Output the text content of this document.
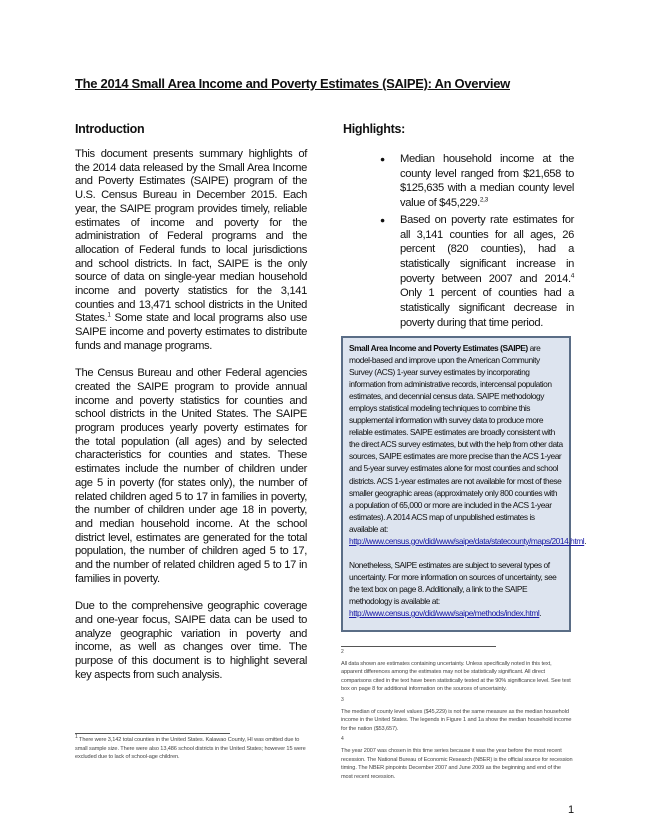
The 2014 Small Area Income and Poverty Estimates (SAIPE): An Overview
Introduction	Highlights:

This document presents summary highlights of the 2014 data released by the Small Area Income and Poverty Estimates (SAIPE) program of the U.S. Census Bureau in December 2015. Each year, the SAIPE program provides timely, reliable estimates of income and poverty for the administration of Federal programs and the allocation of Federal funds to local jurisdictions and school districts. In fact, SAIPE is the only source of data on single-year median household income and poverty statistics for the 3,141 counties and 13,471 school districts in the United States.$^1$ Some state and local programs also use SAIPE income and poverty estimates to distribute funds and manage programs.

The Census Bureau and other Federal agencies created the SAIPE program to provide annual income and poverty statistics for counties and school districts in the United States. The SAIPE program produces yearly poverty estimates for the total population (all ages) and by selected characteristics for counties and states. These estimates include the number of children under age 5 in poverty (for states only), the number of related children aged 5 to 17 in families in poverty, the number of children under age 18 in poverty, and median household income. At the school district level, estimates are generated for the total population, the number of children aged 5 to 17, and the number of related children aged 5 to 17 in families in poverty.

Due to the comprehensive geographic coverage and one-year focus, SAIPE data can be used to analyze geographic variation in poverty and income, as well as changes over time. The purpose of this document is to highlight several key aspects from such analysis.

● Median household income at the county level ranged from $21,658 to $125,635 with a median county level value of $45,229.$^{2,3}$
● Based on poverty rate estimates for all 3,141 counties for all ages, 26 percent (820 counties), had a statistically significant increase in poverty between 2007 and 2014.$^4$ Only 1 percent of counties had a statistically significant decrease in poverty during that time period.

Small Area Income and Poverty Estimates (SAIPE) are model-based and improve upon the American Community Survey (ACS) 1-year survey estimates by incorporating information from administrative records, intercensal population estimates, and decennial census data. SAIPE methodology employs statistical modeling techniques to combine this supplemental information with survey data to produce more reliable estimates. SAIPE estimates are broadly consistent with the direct ACS survey estimates, but with the help from other data sources, SAIPE estimates are more precise than the ACS 1-year and 5-year survey estimates alone for most counties and school districts. ACS 1-year estimates are not available for most of these smaller geographic areas (approximately only 800 counties with a population of 65,000 or more are included in the ACS 1-year estimates). A 2014 ACS map of unpublished estimates is available at: http://www.census.gov/did/www/saipe/data/statecounty/maps/2014.html.

Nonetheless, SAIPE estimates are subject to several types of uncertainty. For more information on sources of uncertainty, see the text box on page 8. Additionally, a link to the SAIPE methodology is available at: http://www.census.gov/did/www/saipe/methods/index.html.

$^1$ There were 3,142 total counties in the United States. Kalawao County, HI was omitted due to small sample size. There were also 13,486 school districts in the United States; however 15 were excluded due to lack of school-age children.

$^2$
All data shown are estimates containing uncertainty. Unless specifically noted in this text, apparent differences among the estimates may not be statistically significant. All direct comparisons cited in the text have been statistically tested at the 90% significance level. See text box on page 8 for additional information on the sources of uncertainty.

$^3$
The median of county level values ($45,229) is not the same measure as the median household income in the United States. The legends in Figure 1 and 1a show the median household income for the nation ($53,657).

$^4$
The year 2007 was chosen in this time series because it was the year before the most recent recession. The National Bureau of Economic Research (NBER) is the official source for recession timing. The NBER pinpoints December 2007 and June 2009 as the beginning and end of the most recent recession.

1
